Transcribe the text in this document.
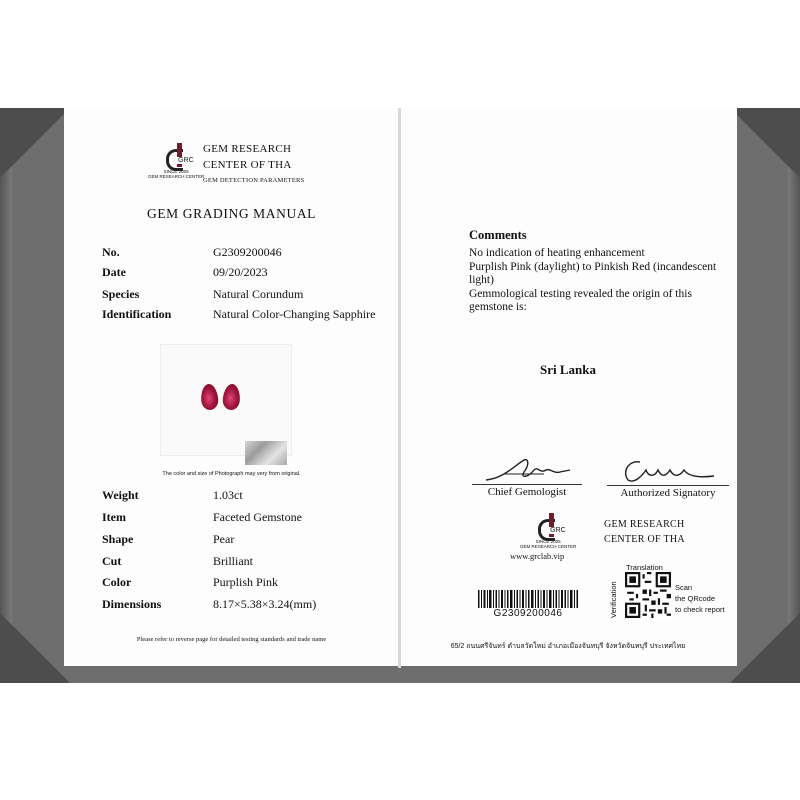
GRC
SINCE 2005
GEM RESEARCH CENTER
GEM RESEARCH
CENTER OF THA
GEM DETECTION PARAMETERS
GEM GRADING MANUAL
No.	G2309200046
Date	09/20/2023
Species	Natural Corundum
Identification	Natural Color-Changing Sapphire
The color and size of Photograph may very from original.
Weight	1.03ct
Item	Faceted Gemstone
Shape	Pear
Cut	Brilliant
Color	Purplish Pink
Dimensions	8.17×5.38×3.24(mm)
Please refer to reverse page for detailed testing standards and trade name
Comments

No indication of heating enhancement

Purplish Pink (daylight) to Pinkish Red (incandescent light)

Gemmological testing revealed the origin of this gemstone is:

Sri Lanka
Chief Gemologist	Authorized Signatory
GRC
SINCE 2005
GEM RESEARCH CENTER
www.grclab.vip
GEM RESEARCH
CENTER OF THA
G2309200046
Translation
Verification	Scan
the QRcode
to check report
65/2 ถนนศรีจันทร์ ตำบลวัดใหม่ อำเภอเมืองจันทบุรี จังหวัดจันทบุรี ประเทศไทย
